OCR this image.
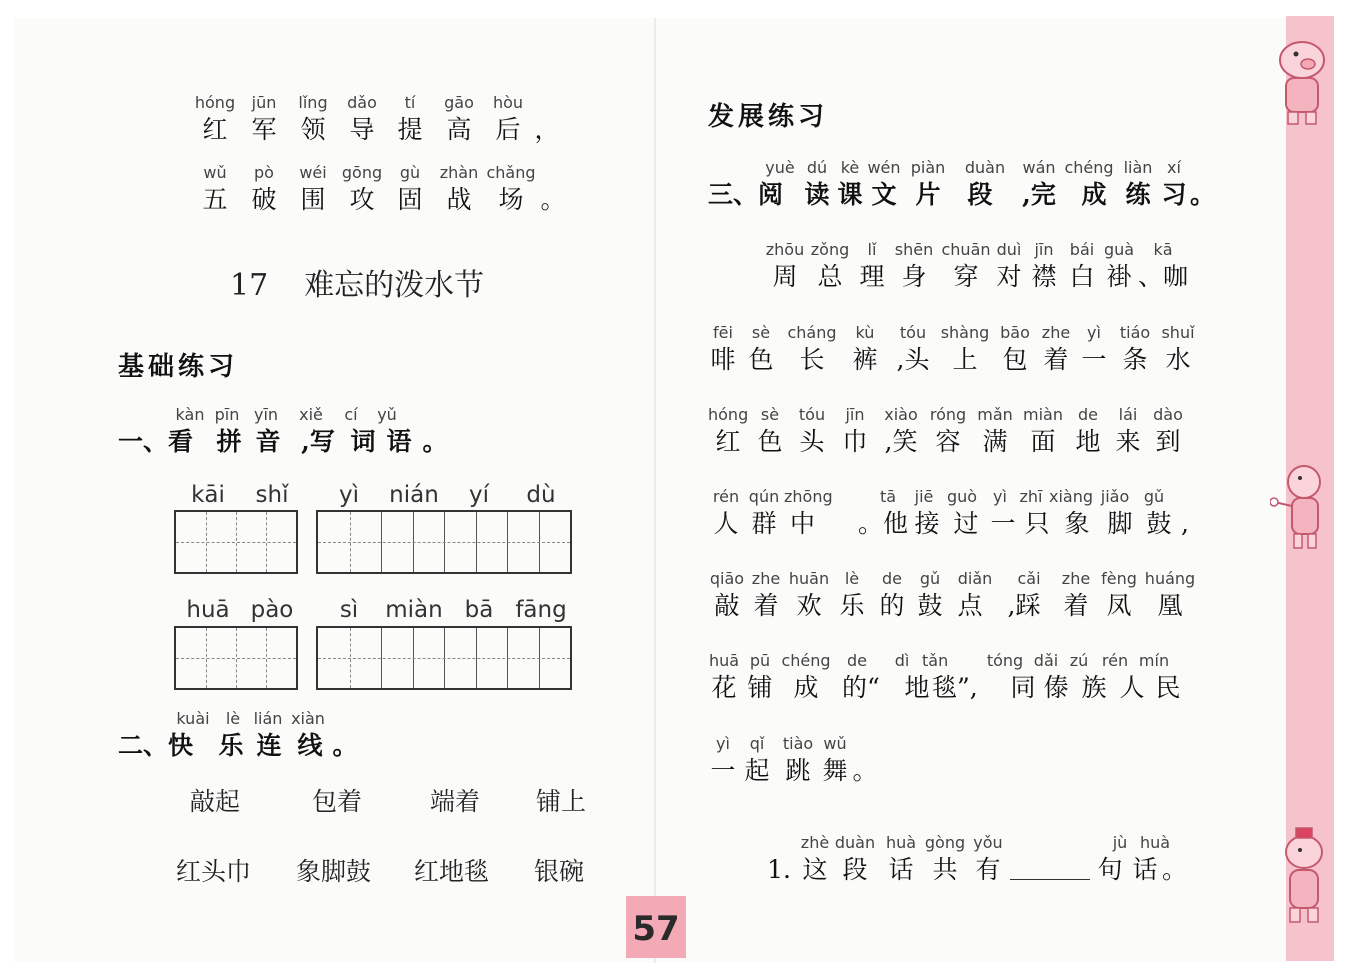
hóng	jūn	lǐng	dǎo	tí	gāo	hòu
红 军 领 导 提 高 后 ，
wǔ	pò	wéi gōng	gù	zhàn chǎng
五 破 围 攻 固 战	场 。
17 难忘的泼水节
基础练习
kàn pīn yīn	xiě	cí	yǔ
一、看 拼 音 ,写 词 语 。
kāi	shǐ	yì	nián	yí	dù
huā pào	sì	miàn bā fāng
kuài	lè lián xiàn
二、快	乐 连 线 。
敲起	包着	端着	铺上
红头巾	象脚鼓	红地毯	银碗
发展练习
yuè dú kè wén piàn	duàn	wán chéng liàn xí
三、阅 读 课 文 片	段	,完	成 练 习 。
zhōu zǒng	lǐ	shēn chuān duì jīn	bái guà	kā
周 总 理 身	穿 对 襟 白 褂 、咖
fēi	sè	cháng	kù	tóu shàng bāo zhe	yì	tiáo shuǐ
啡 色	长	裤 ,头 上 包 着 一 条 水
hóng sè	tóu	jīn	xiào róng mǎn miàn de	lái dào
红 色 头 巾 ,笑 容 满 面 地 来 到
rén qún zhōng	tā	jiē guò yì zhī xiàng jiǎo gǔ
人 群 中	。他 接 过 一 只 象 脚 鼓 ,
qiāo zhe huān lè	de	gǔ	diǎn	cǎi	zhe fèng huáng
敲 着 欢 乐 的 鼓 点	,踩 着 凤	凰
huā pū chéng	de	dì tǎn	tóng dǎi zú rén mín
花 铺 成 的“ 地 毯”,	同 傣 族 人 民
yì	qǐ	tiào wǔ
一 起 跳 舞 。
zhè duàn huà gòng yǒu	jù huà
1. 这 段 话 共 有	句 话 。
57
